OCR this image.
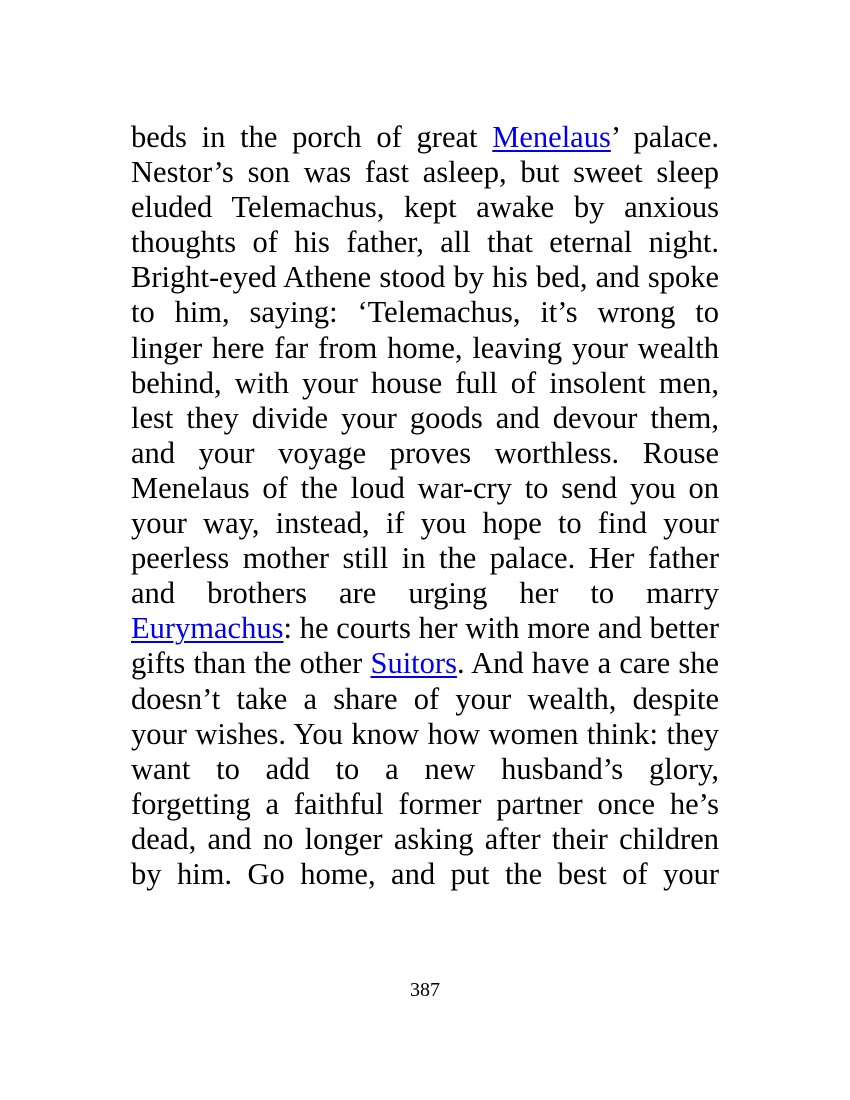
beds in the porch of great Menelaus’ palace.
Nestor’s son was fast asleep, but sweet sleep
eluded Telemachus, kept awake by anxious
thoughts of his father, all that eternal night.
Bright-eyed Athene stood by his bed, and spoke
to him, saying: ‘Telemachus, it’s wrong to
linger here far from home, leaving your wealth
behind, with your house full of insolent men,
lest they divide your goods and devour them,
and your voyage proves worthless. Rouse
Menelaus of the loud war-cry to send you on
your way, instead, if you hope to find your
peerless mother still in the palace. Her father
and brothers are urging her to marry
Eurymachus: he courts her with more and better
gifts than the other Suitors. And have a care she
doesn’t take a share of your wealth, despite
your wishes. You know how women think: they
want to add to a new husband’s glory,
forgetting a faithful former partner once he’s
dead, and no longer asking after their children
by him. Go home, and put the best of your
387
